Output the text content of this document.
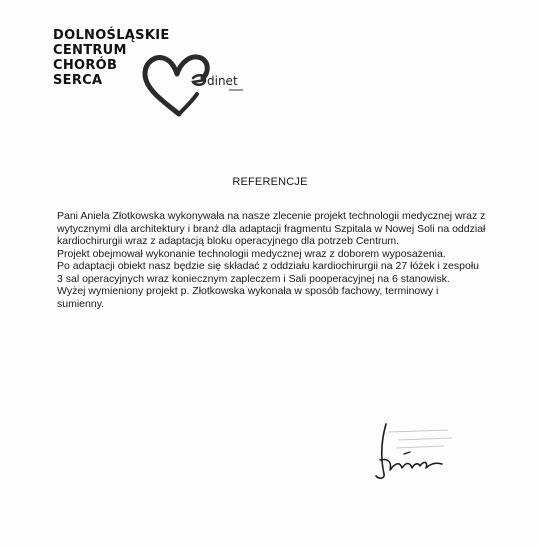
DOLNOŚLĄSKIE
CENTRUM
CHORÓB
SERCA	dinet
REFERENCJE

Pani Aniela Złotkowska wykonywała na nasze zlecenie projekt technologii medycznej wraz z wytycznymi dla architektury i branż dla adaptacji fragmentu Szpitala w Nowej Soli na oddział kardiochirurgii wraz z adaptacją bloku operacyjnego dla potrzeb Centrum.

Projekt obejmował wykonanie technologii medycznej wraz z doborem wyposażenia.

Po adaptacji obiekt nasz będzie się składać z oddziału kardiochirurgii na 27 łóżek i zespołu 3 sal operacyjnych wraz koniecznym zapleczem i Sali pooperacyjnej na 6 stanowisk.

Wyżej wymieniony projekt p. Złotkowska wykonała w sposób fachowy, terminowy i sumienny.
